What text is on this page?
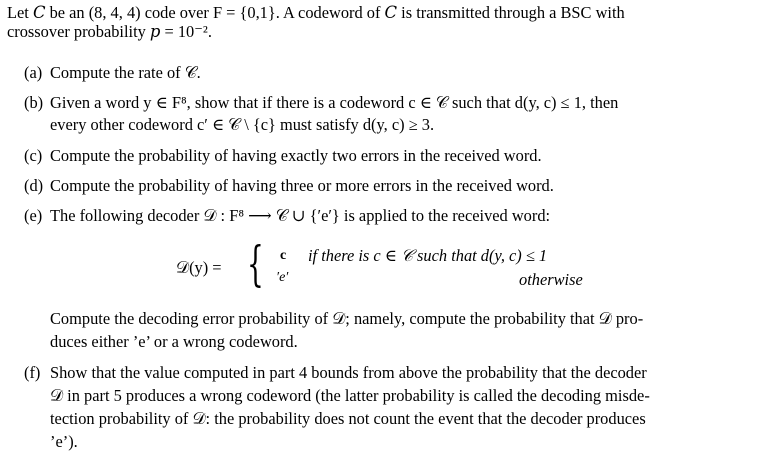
Let 𝐶 be an (8, 4, 4) code over F = {0,1}. A codeword of 𝐶 is transmitted through a BSC with
crossover probability 𝑝 = 10⁻².
(a) Compute the rate of 𝒞.
(b) Given a word y ∈ F⁸, show that if there is a codeword c ∈ 𝒞 such that d(y, c) ≤ 1, then
every other codeword c′ ∈ 𝒞 \ {c} must satisfy d(y, c) ≥ 3.
(c) Compute the probability of having exactly two errors in the received word.
(d) Compute the probability of having three or more errors in the received word.
(e) The following decoder 𝒟 : F⁸ ⟶ 𝒞 ∪ {′e′} is applied to the received word:
𝒟(y) = { c if there is c ∈ 𝒞 such that d(y, c) ≤ 1
′e′	otherwise
Compute the decoding error probability of 𝒟; namely, compute the probability that 𝒟 pro-
duces either ’e’ or a wrong codeword.
(f) Show that the value computed in part 4 bounds from above the probability that the decoder
𝒟 in part 5 produces a wrong codeword (the latter probability is called the decoding misde-
tection probability of 𝒟: the probability does not count the event that the decoder produces
’e’).
